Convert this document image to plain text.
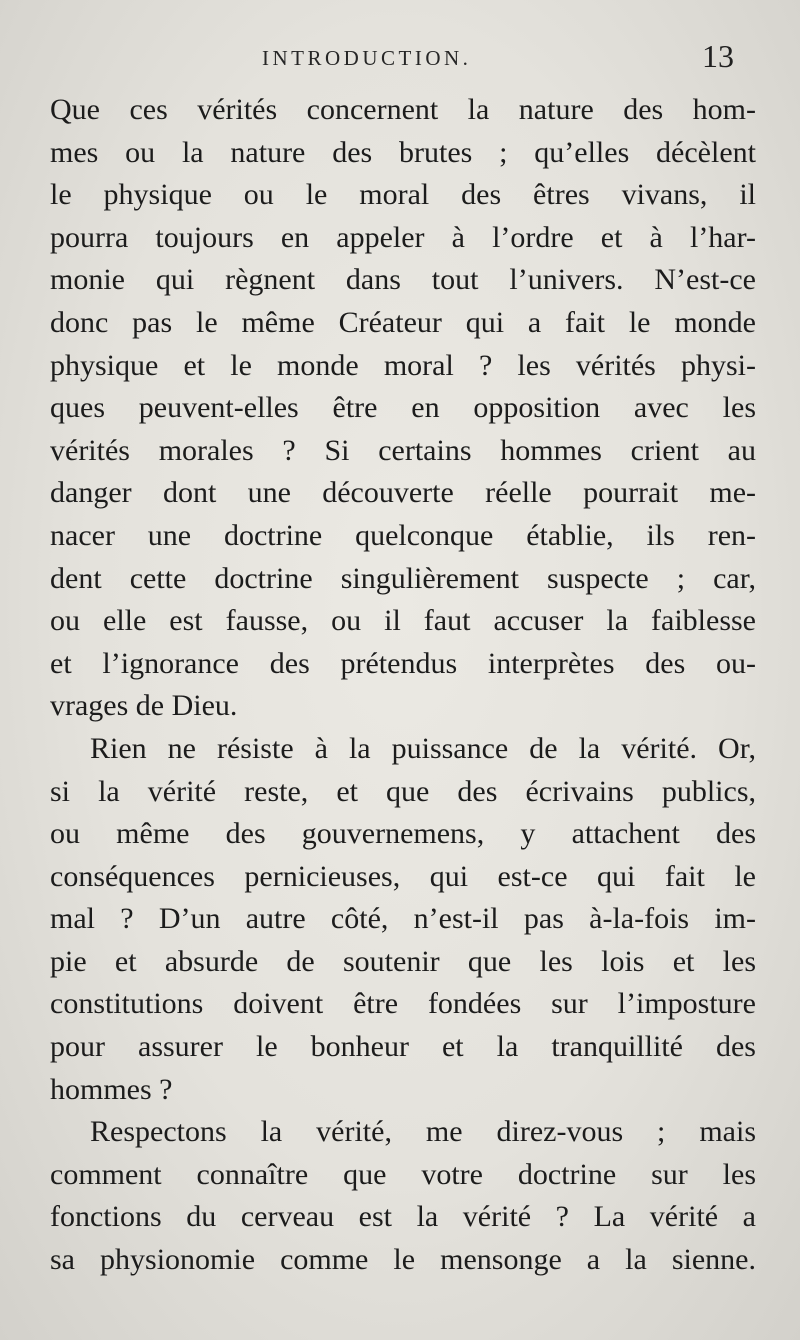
INTRODUCTION.	13
Que ces vérités concernent la nature des hom-
mes ou la nature des brutes ; qu’elles décèlent
le physique ou le moral des êtres vivans, il
pourra toujours en appeler à l’ordre et à l’har-
monie qui règnent dans tout l’univers. N’est-ce
donc pas le même Créateur qui a fait le monde
physique et le monde moral ? les vérités physi-
ques peuvent-elles être en opposition avec les
vérités morales ? Si certains hommes crient au
danger dont une découverte réelle pourrait me-
nacer une doctrine quelconque établie, ils ren-
dent cette doctrine singulièrement suspecte ; car,
ou elle est fausse, ou il faut accuser la faiblesse
et l’ignorance des prétendus interprètes des ou-
vrages de Dieu.
Rien ne résiste à la puissance de la vérité. Or,
si la vérité reste, et que des écrivains publics,
ou même des gouvernemens, y attachent des
conséquences pernicieuses, qui est-ce qui fait le
mal ? D’un autre côté, n’est-il pas à-la-fois im-
pie et absurde de soutenir que les lois et les
constitutions doivent être fondées sur l’imposture
pour assurer le bonheur et la tranquillité des
hommes ?
Respectons la vérité, me direz-vous ; mais
comment connaître que votre doctrine sur les
fonctions du cerveau est la vérité ? La vérité a
sa physionomie comme le mensonge a la sienne.
